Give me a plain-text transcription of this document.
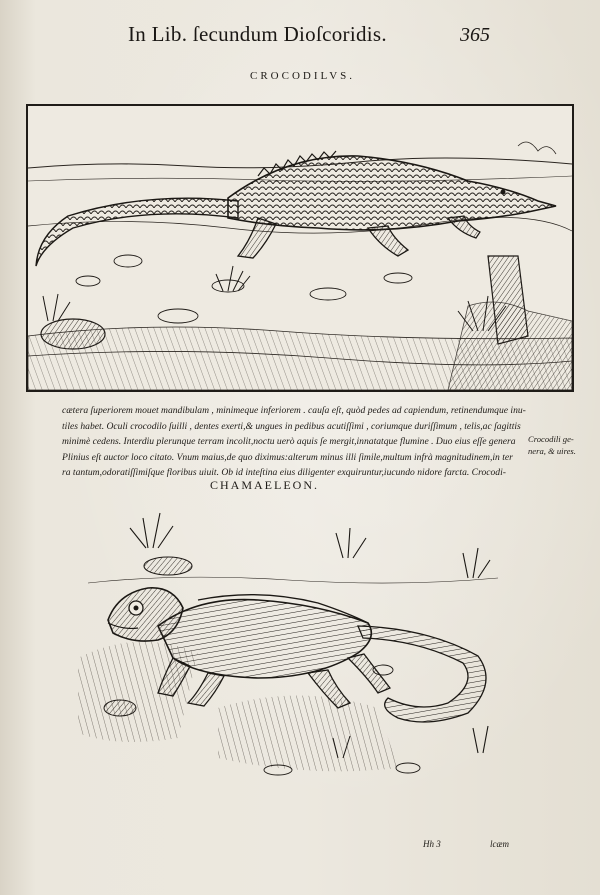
In Lib. ſecundum Dioſcoridis.	365
CROCODILVS.
cætera ſuperiorem mouet mandibulam , minimeque inferiorem . cauſa eſt, quòd pedes ad capiendum, retinendumque inu-
tiles habet. Oculi crocodilo ſuilli , dentes exerti,& ungues in pedibus acutiſſimi , coriumque duriſſimum , telis,ac ſagittis
minimè cedens. Interdiu plerunque terram incolit,noctu uerò aquis ſe mergit,innatatque flumine . Duo eius eſſe genera
Plinius eſt auctor loco citato. Vnum maius,de quo diximus:alterum minus illi ſimile,multum infrà magnitudinem,in ter
ra tantum,odoratiſſimiſque floribus uiuit. Ob id inteſtina eius diligenter exquiruntur,iucundo nidore farcta. Crocodi-
Crocodili ge-
nera, & uires.
CHAMAELEON.

Hh 3	lcæm
